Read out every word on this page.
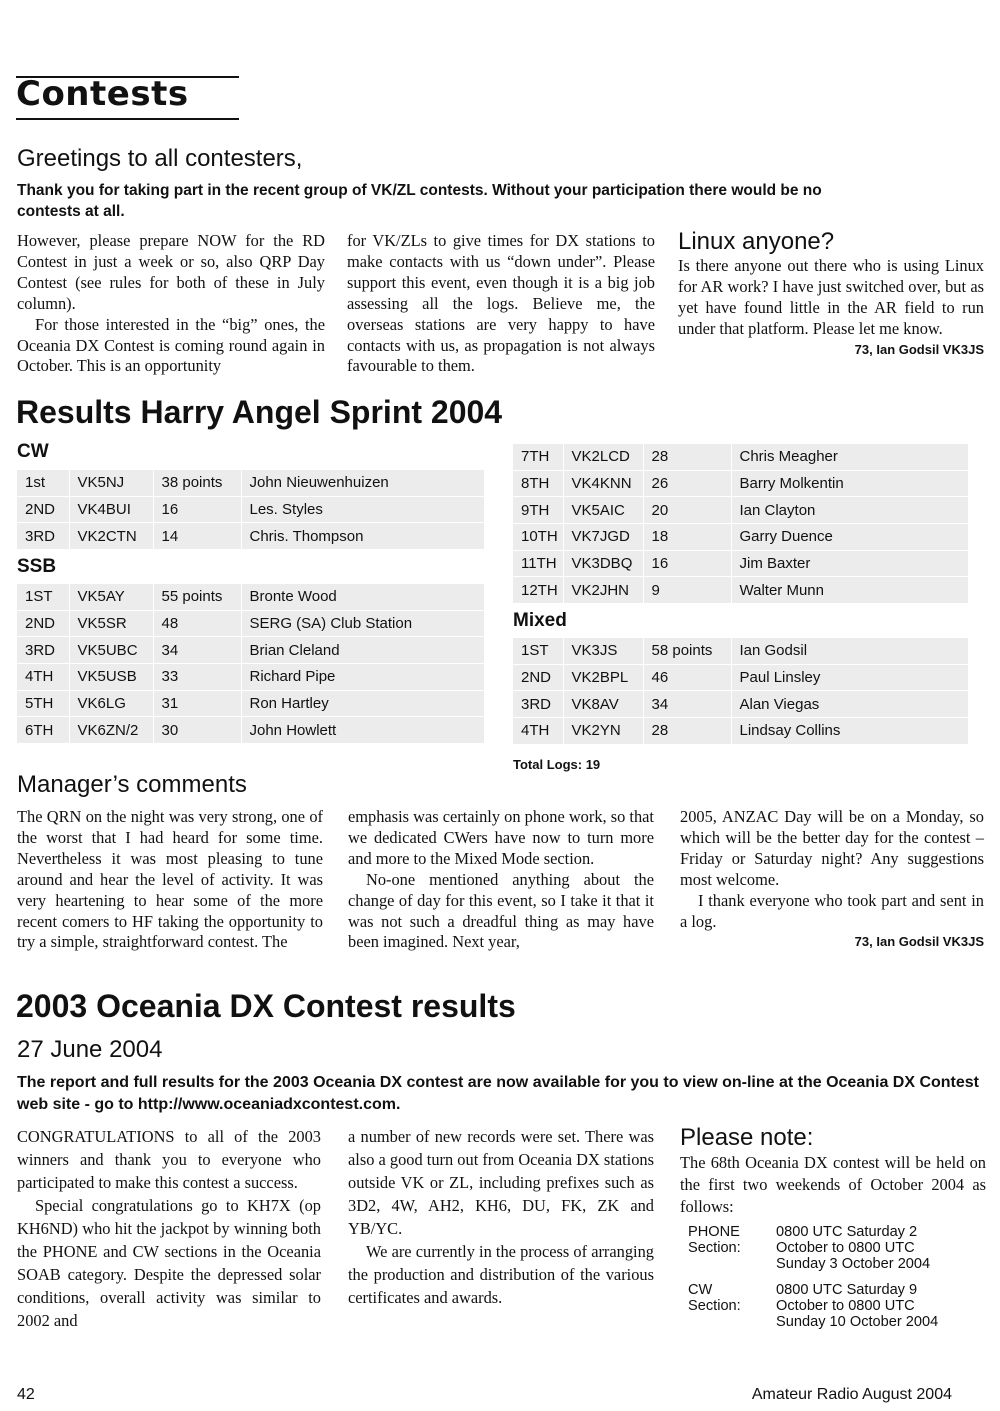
Contests
Greetings to all contesters,
Thank you for taking part in the recent group of VK/ZL contests. Without your participation there would be no contests at all.

However, please prepare NOW for the RD Contest in just a week or so, also QRP Day Contest (see rules for both of these in July column).

For those interested in the “big” ones, the Oceania DX Contest is coming round again in October. This is an opportunity

for VK/ZLs to give times for DX stations to make contacts with us “down under”. Please support this event, even though it is a big job assessing all the logs. Believe me, the overseas stations are very happy to have contacts with us, as propagation is not always favourable to them.

Linux anyone?

Is there anyone out there who is using Linux for AR work? I have just switched over, but as yet have found little in the AR field to run under that platform. Please let me know.

73, Ian Godsil VK3JS
Results Harry Angel Sprint 2004
CW
1st	VK5NJ	38 points	John Nieuwenhuizen
2ND	VK4BUI	16	Les. Styles
3RD	VK2CTN	14	Chris. Thompson
SSB
1ST	VK5AY	55 points	Bronte Wood
2ND	VK5SR	48	SERG (SA) Club Station
3RD	VK5UBC	34	Brian Cleland
4TH	VK5USB	33	Richard Pipe
5TH	VK6LG	31	Ron Hartley
6TH	VK6ZN/2	30	John Howlett
7TH	VK2LCD	28	Chris Meagher
8TH	VK4KNN	26	Barry Molkentin
9TH	VK5AIC	20	Ian Clayton
10TH	VK7JGD	18	Garry Duence
11TH	VK3DBQ	16	Jim Baxter
12TH	VK2JHN	9	Walter Munn
Mixed
1ST	VK3JS	58 points	Ian Godsil
2ND	VK2BPL	46	Paul Linsley
3RD	VK8AV	34	Alan Viegas
4TH	VK2YN	28	Lindsay Collins
Total Logs: 19
Manager’s comments

The QRN on the night was very strong, one of the worst that I had heard for some time. Nevertheless it was most pleasing to tune around and hear the level of activity. It was very heartening to hear some of the more recent comers to HF taking the opportunity to try a simple, straightforward contest. The

emphasis was certainly on phone work, so that we dedicated CWers have now to turn more and more to the Mixed Mode section.

No-one mentioned anything about the change of day for this event, so I take it that it was not such a dreadful thing as may have been imagined. Next year,

2005, ANZAC Day will be on a Monday, so which will be the better day for the contest – Friday or Saturday night? Any suggestions most welcome.

I thank everyone who took part and sent in a log.

73, Ian Godsil VK3JS
2003 Oceania DX Contest results
27 June 2004
The report and full results for the 2003 Oceania DX contest are now available for you to view on-line at the Oceania DX Contest web site - go to http://www.oceaniadxcontest.com.

CONGRATULATIONS to all of the 2003 winners and thank you to everyone who participated to make this contest a success.

Special congratulations go to KH7X (op KH6ND) who hit the jackpot by winning both the PHONE and CW sections in the Oceania SOAB category. Despite the depressed solar conditions, overall activity was similar to 2002 and

a number of new records were set. There was also a good turn out from Oceania DX stations outside VK or ZL, including prefixes such as 3D2, 4W, AH2, KH6, DU, FK, ZK and YB/YC.

We are currently in the process of arranging the production and distribution of the various certificates and awards.

Please note:

The 68th Oceania DX contest will be held on the first two weekends of October 2004 as follows:

PHONE
Section:	0800 UTC Saturday 2 October to 0800 UTC Sunday 3 October 2004

CW
Section:	0800 UTC Saturday 9 October to 0800 UTC Sunday 10 October 2004
42	Amateur Radio August 2004
